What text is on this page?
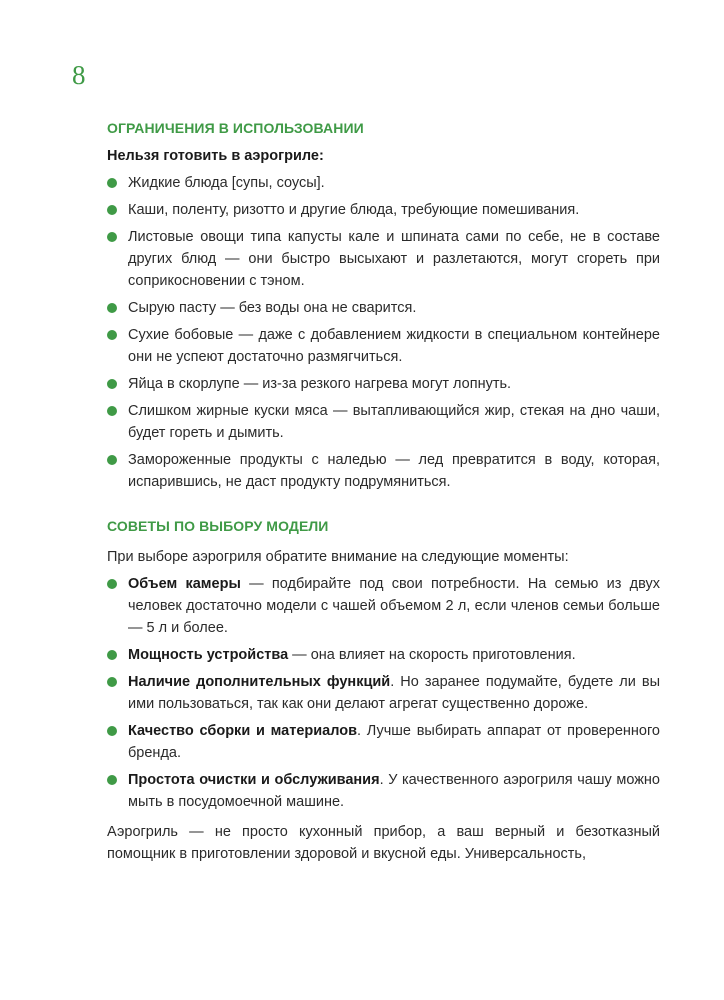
8
ОГРАНИЧЕНИЯ В ИСПОЛЬЗОВАНИИ

Нельзя готовить в аэрогриле:

Жидкие блюда [супы, соусы].
Каши, поленту, ризотто и другие блюда, требующие помешивания.
Листовые овощи типа капусты кале и шпината сами по себе, не в составе других блюд — они быстро высыхают и разлетаются, могут сгореть при соприкосновении с тэном.
Сырую пасту — без воды она не сварится.
Сухие бобовые — даже с добавлением жидкости в специальном контейнере они не успеют достаточно размягчиться.
Яйца в скорлупе — из-за резкого нагрева могут лопнуть.
Слишком жирные куски мяса — вытапливающийся жир, стекая на дно чаши, будет гореть и дымить.
Замороженные продукты с наледью — лед превратится в воду, которая, испарившись, не даст продукту подрумяниться.
СОВЕТЫ ПО ВЫБОРУ МОДЕЛИ

При выборе аэрогриля обратите внимание на следующие моменты:

Объем камеры — подбирайте под свои потребности. На семью из двух человек достаточно модели с чашей объемом 2 л, если членов семьи больше — 5 л и более.
Мощность устройства — она влияет на скорость приготовления.
Наличие дополнительных функций. Но заранее подумайте, будете ли вы ими пользоваться, так как они делают агрегат существенно дороже.
Качество сборки и материалов. Лучше выбирать аппарат от проверенного бренда.
Простота очистки и обслуживания. У качественного аэрогриля чашу можно мыть в посудомоечной машине.

Аэрогриль — не просто кухонный прибор, а ваш верный и безотказный помощник в приготовлении здоровой и вкусной еды. Универсальность,
